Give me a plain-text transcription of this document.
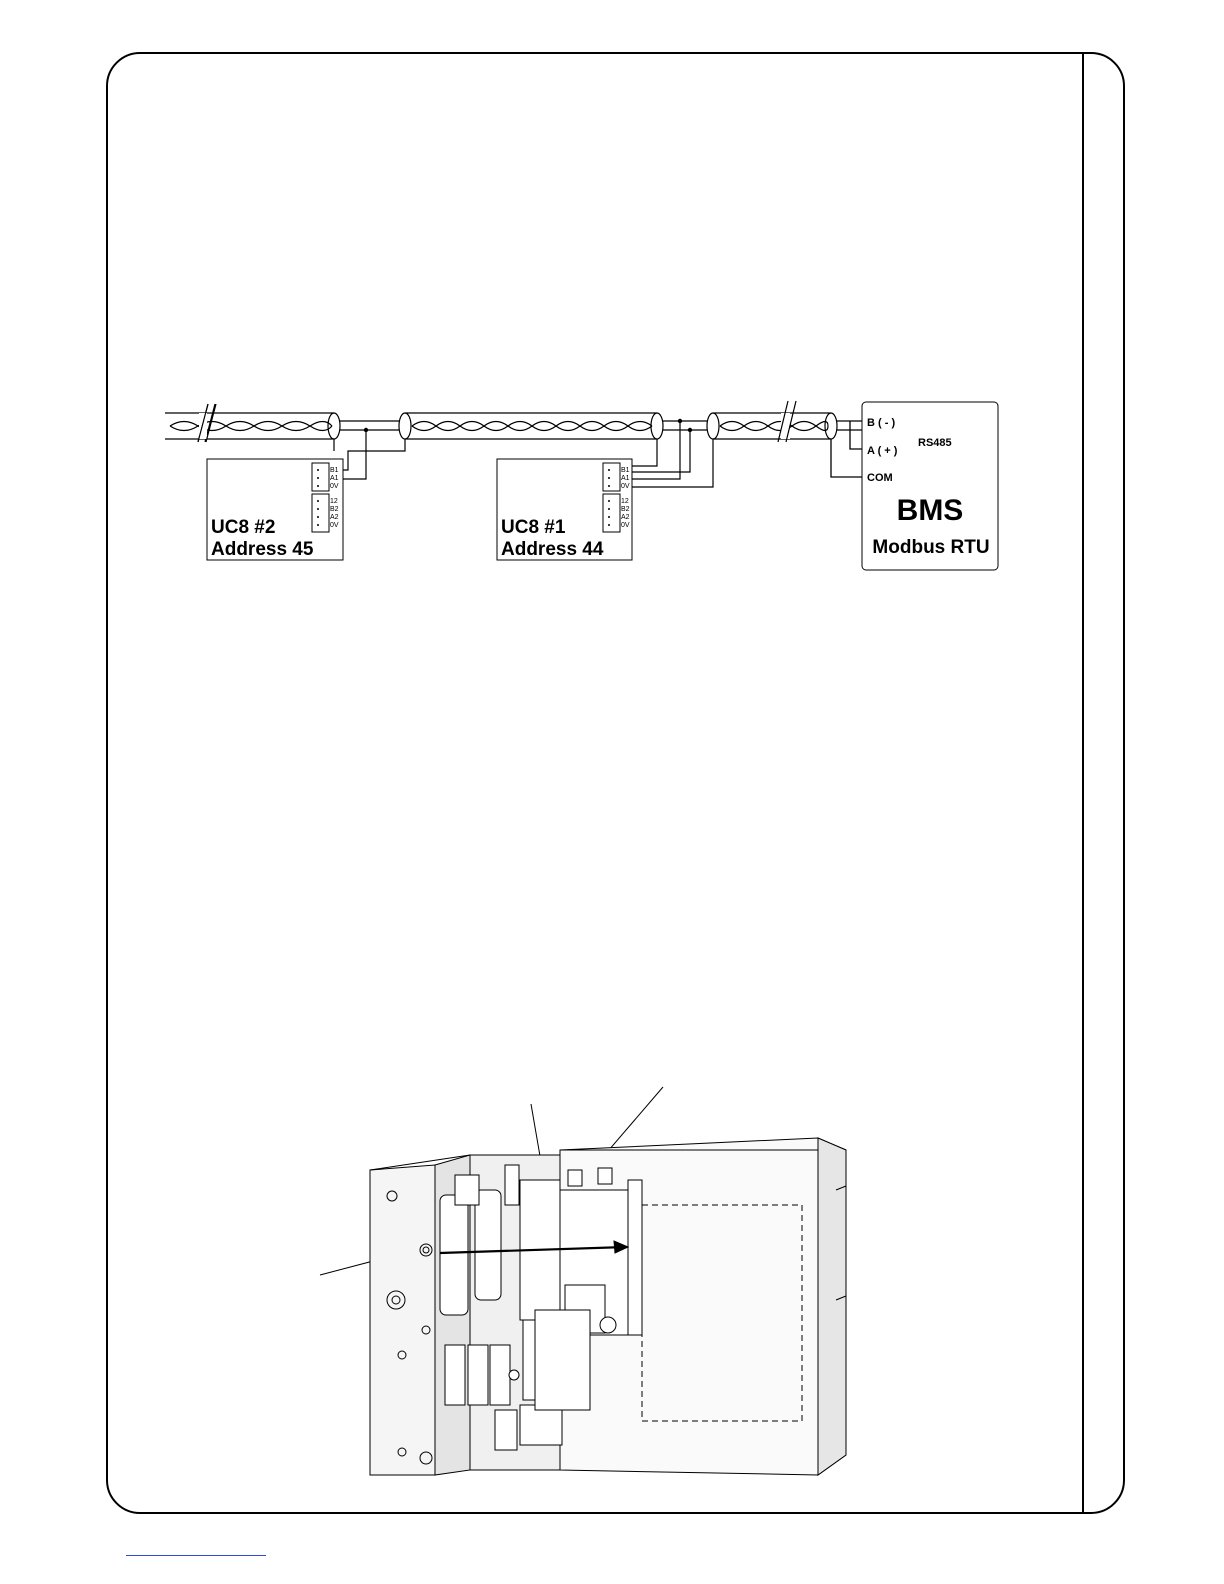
B1
A1
0V
12
B2
A2
0V
UC8 #2
Address 45
B1
A1
0V
12
B2
A2
0V
UC8 #1
Address 44
B ( - )
RS485
A ( + )
COM
BMS
Modbus RTU
